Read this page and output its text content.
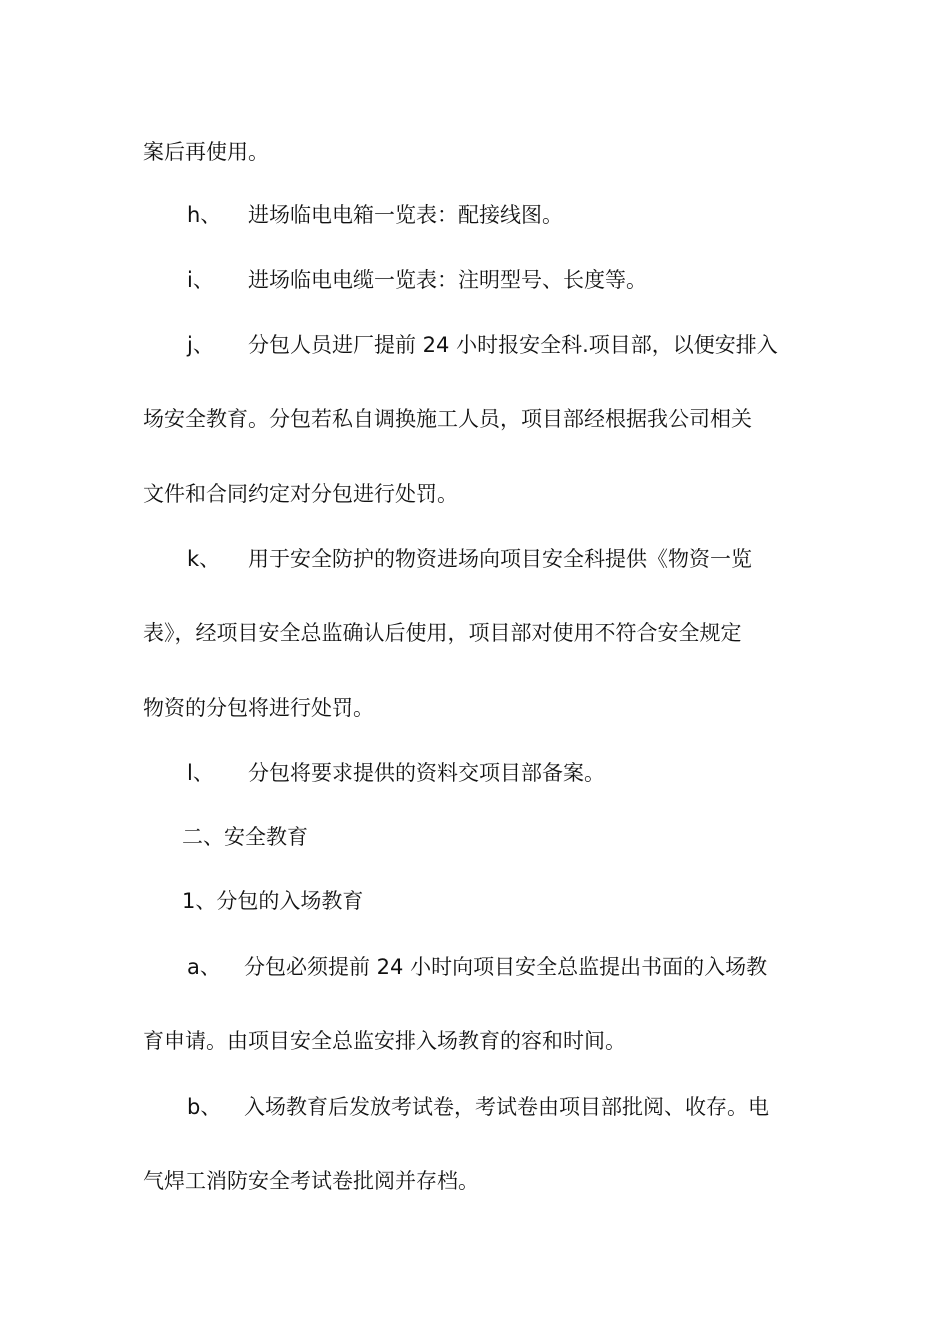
案后再使用。
h、 进场临电电箱一览表：配接线图。
i、 进场临电电缆一览表：注明型号、长度等。
j、 分包人员进厂提前 24 小时报安全科.项目部，以便安排入
场安全教育。分包若私自调换施工人员，项目部经根据我公司相关
文件和合同约定对分包进行处罚。
k、 用于安全防护的物资进场向项目安全科提供《物资一览
表》，经项目安全总监确认后使用，项目部对使用不符合安全规定
物资的分包将进行处罚。
l、 分包将要求提供的资料交项目部备案。
二、安全教育
1、分包的入场教育
a、 分包必须提前 24 小时向项目安全总监提出书面的入场教
育申请。由项目安全总监安排入场教育的容和时间。
b、 入场教育后发放考试卷，考试卷由项目部批阅、收存。电
气焊工消防安全考试卷批阅并存档。
